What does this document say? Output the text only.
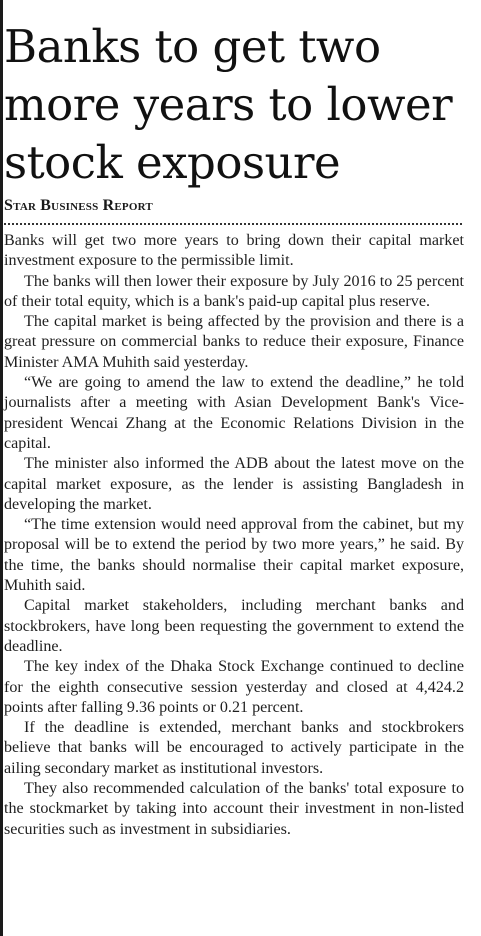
Banks to get two more years to lower stock exposure
Star Business Report

Banks will get two more years to bring down their capital market investment exposure to the permissible limit.

The banks will then lower their exposure by July 2016 to 25 percent of their total equity, which is a bank's paid-up capital plus reserve.

The capital market is being affected by the provision and there is a great pressure on commercial banks to reduce their exposure, Finance Minister AMA Muhith said yesterday.

“We are going to amend the law to extend the deadline,” he told journalists after a meeting with Asian Development Bank's Vice-president Wencai Zhang at the Economic Relations Division in the capital.

The minister also informed the ADB about the latest move on the capital market exposure, as the lender is assisting Bangladesh in developing the market.

“The time extension would need approval from the cabinet, but my proposal will be to extend the period by two more years,” he said. By the time, the banks should normalise their capital market exposure, Muhith said.

Capital market stakeholders, including merchant banks and stockbrokers, have long been requesting the government to extend the deadline.

The key index of the Dhaka Stock Exchange continued to decline for the eighth consecutive session yesterday and closed at 4,424.2 points after falling 9.36 points or 0.21 percent.

If the deadline is extended, merchant banks and stockbrokers believe that banks will be encouraged to actively participate in the ailing secondary market as institutional investors.

They also recommended calculation of the banks' total exposure to the stockmarket by taking into account their investment in non-listed securities such as investment in subsidiaries.
